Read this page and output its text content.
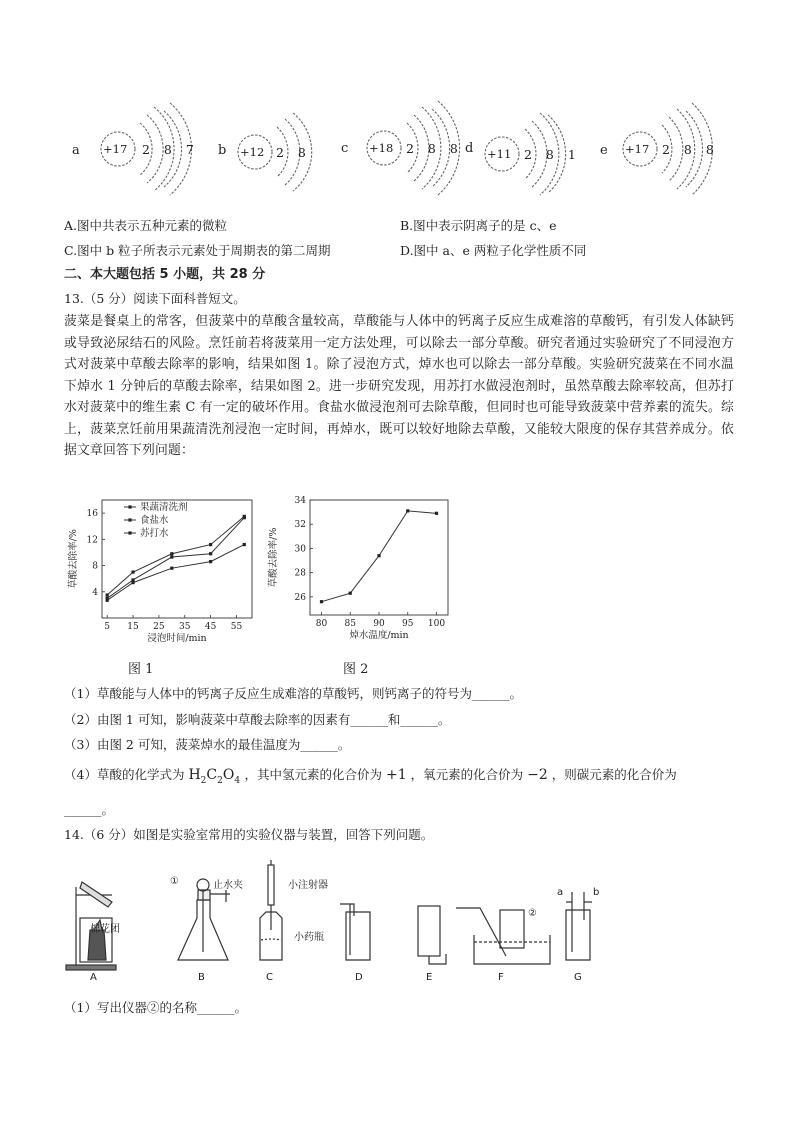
a +17 2 8 7 b +12 2 8 c +18 2 8 8 d +11 2 8 1 e +17 2 8 8
A.图中共表示五种元素的微粒	B.图中表示阴离子的是 c、e
C.图中 b 粒子所表示元素处于周期表的第二周期	D.图中 a、e 两粒子化学性质不同
二、本大题包括 5 小题，共 28 分
13.（5 分）阅读下面科普短文。
菠菜是餐桌上的常客，但菠菜中的草酸含量较高，草酸能与人体中的钙离子反应生成难溶的草酸钙，有引发人体缺钙或导致泌尿结石的风险。烹饪前若将菠菜用一定方法处理，可以除去一部分草酸。研究者通过实验研究了不同浸泡方式对菠菜中草酸去除率的影响，结果如图 1。除了浸泡方式，焯水也可以除去一部分草酸。实验研究菠菜在不同水温下焯水 1 分钟后的草酸去除率，结果如图 2。进一步研究发现，用苏打水做浸泡剂时，虽然草酸去除率较高，但苏打水对菠菜中的维生素 C 有一定的破坏作用。食盐水做浸泡剂可去除草酸，但同时也可能导致菠菜中营养素的流失。综上，菠菜烹饪前用果蔬清洗剂浸泡一定时间，再焯水，既可以较好地除去草酸，又能较大限度的保存其营养成分。依据文章回答下列问题：
5 15 25 35 45 55
4
8
12
16
浸泡时间/min
草酸去除率/%
果蔬清洗剂
食盐水
苏打水
80 85 90 95 100
26
28
30
32
34
焯水温度/min
草酸去除率/%
图 1	图 2
（1）草酸能与人体中的钙离子反应生成难溶的草酸钙，则钙离子的符号为______。
（2）由图 1 可知，影响菠菜中草酸去除率的因素有______和______。
（3）由图 2 可知，菠菜焯水的最佳温度为______。
（4）草酸的化学式为 $H_2C_2O_4$ ，其中氢元素的化合价为 +1 ，氧元素的化合价为 −2 ，则碳元素的化合价为
______。
14.（6 分）如图是实验室常用的实验仪器与装置，回答下列问题。
棉花团
①	止水夹	小注射器
小药瓶
②
a	b
A	B	C	D	E	F	G
（1）写出仪器②的名称______。
